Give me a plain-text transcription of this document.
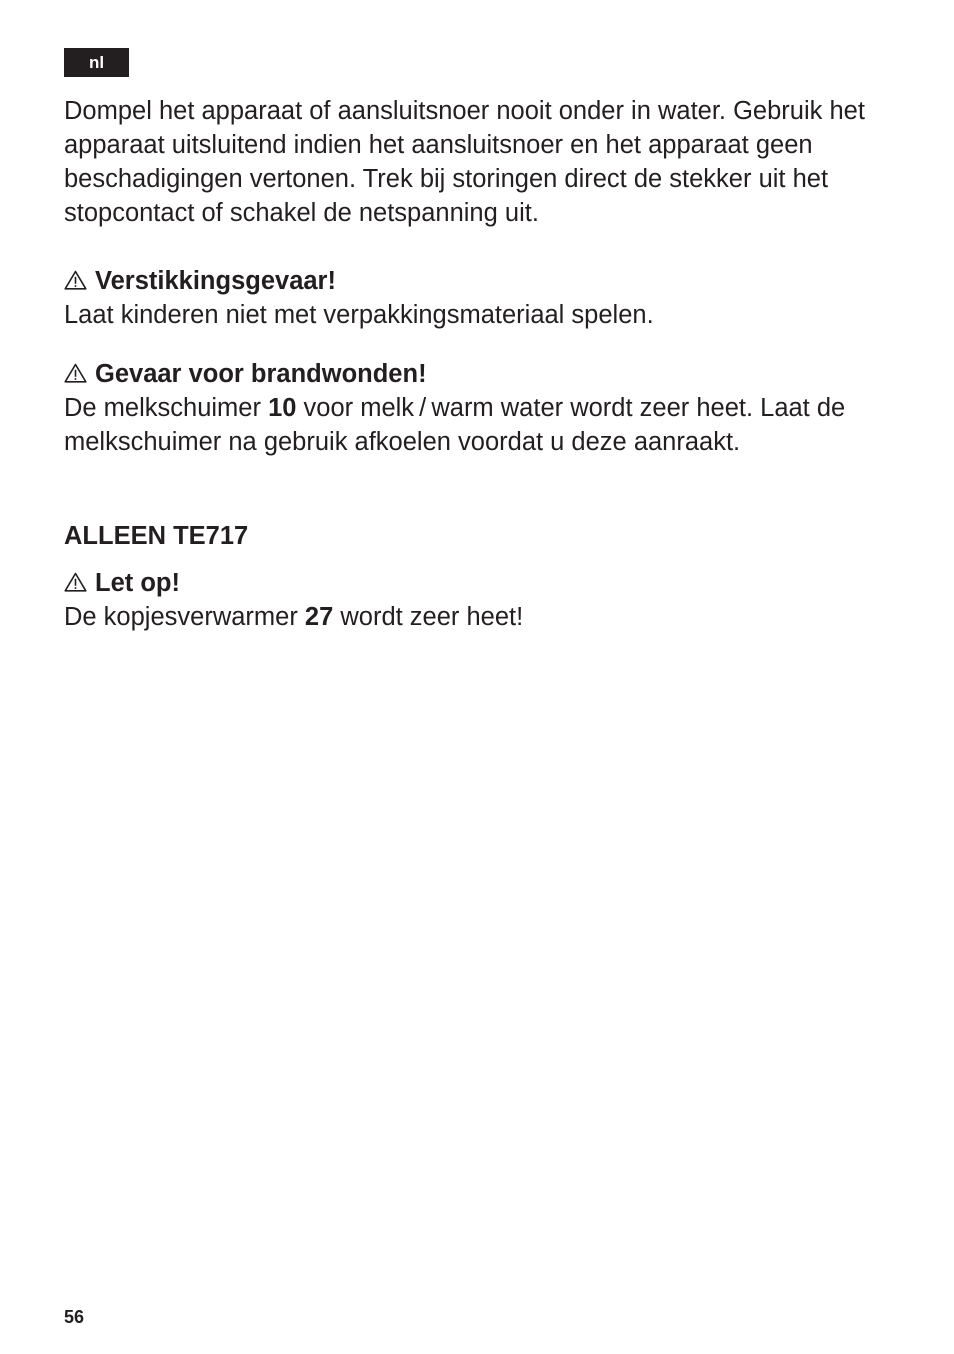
nl

Dompel het apparaat of aansluitsnoer nooit onder in water. Gebruik het apparaat uitsluitend indien het aansluitsnoer en het apparaat geen beschadigingen vertonen. Trek bij storingen direct de stekker uit het stopcontact of schakel de netspanning uit.

Verstikkingsgevaar!

Laat kinderen niet met verpakkingsmateriaal spelen.

Gevaar voor brandwonden!

De melkschuimer 10 voor melk / warm water wordt zeer heet. Laat de melkschuimer na gebruik afkoelen voordat u deze aanraakt.

ALLEEN TE717

Let op!

De kopjesverwarmer 27 wordt zeer heet!

56
